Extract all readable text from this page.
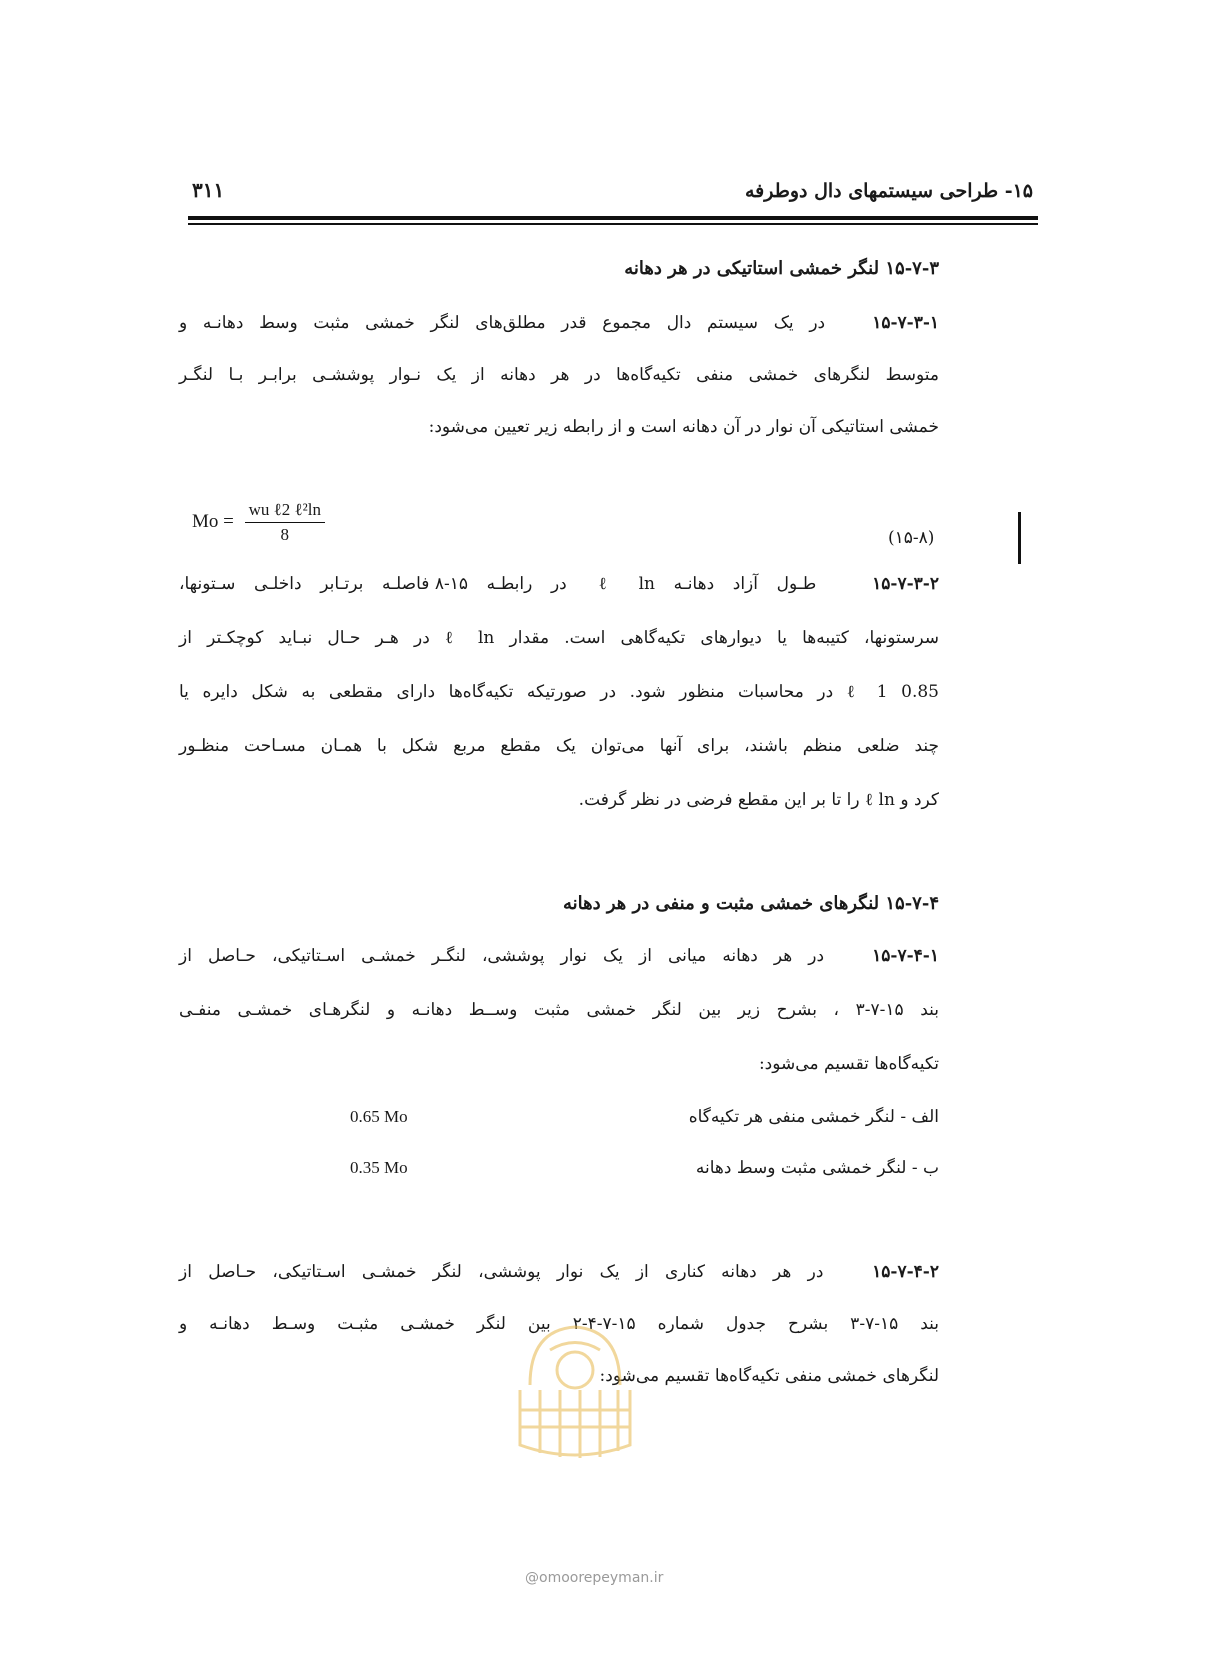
۱۵- طراحی سیستمهای دال دوطرفه
۳۱۱
۱۵-۷-۳ لنگر خمشی استاتیکی در هر دهانه
۱۵-۷-۳-۱   در یک سیستم دال مجموع قدر مطلق‌های لنگر خمشی مثبت وسط دهانـه و
متوسط لنگرهای خمشی منفی تکیه‌گاه‌ها در هر دهانه از یک نـوار پوششـی برابـر بـا لنگـر
خمشی استاتیکی آن نوار در آن دهانه است و از رابطه زیر تعیین می‌شود:
$Mo = \frac{\text{wu ℓ2 ℓ²ln}}{8}$	(۱۵-۸)
۱۵-۷-۳-۲   طـول آزاد دهانـه ℓ ln در رابطـه ۱۵-۸ فاصلـه برتـابر داخلـی سـتونها،
سرستونها، کتیبه‌ها یا دیوارهای تکیه‌گاهی است. مقدار ℓ ln در هـر حـال نبـاید کوچکـتر از
0.85 ℓ 1 در محاسبات منظور شود. در صورتیکه تکیه‌گاه‌ها دارای مقطعی به شکل دایره یا
چند ضلعی منظم باشند، برای آنها می‌توان یک مقطع مربع شکل با همـان مسـاحت منظـور
کرد و ℓ ln را تا بر این مقطع فرضی در نظر گرفت.
۱۵-۷-۴ لنگرهای خمشی مثبت و منفی در هر دهانه
۱۵-۷-۴-۱   در هر دهانه میانی از یک نوار پوششی، لنگـر خمشـی اسـتاتیکی، حـاصل از
بند ۱۵-۷-۳ ، بشرح زیر بین لنگر خمشی مثبت وســط دهانـه و لنگرهـای خمشـی منفـی
تکیه‌گاه‌ها تقسیم می‌شود:
الف - لنگر خمشی منفی هر تکیه‌گاه
0.65 Mo
ب - لنگر خمشی مثبت وسط دهانه
0.35 Mo
۱۵-۷-۴-۲   در هر دهانه کناری از یک نوار پوششی، لنگر خمشـی اسـتاتیکی، حـاصل از
بند ۱۵-۷-۳ بشرح جدول شماره ۱۵-۷-۴-۲ بین لنگر خمشـی مثبـت وسـط دهانـه و
لنگرهای خمشی منفی تکیه‌گاه‌ها تقسیم می‌شود:
@omoorepeyman.ir
